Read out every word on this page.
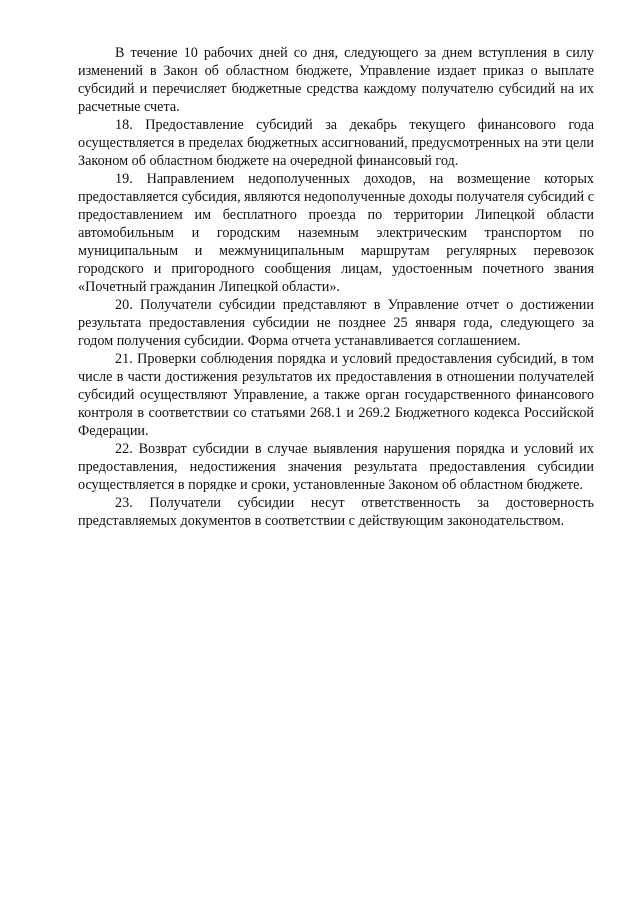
В течение 10 рабочих дней со дня, следующего за днем вступления в силу изменений в Закон об областном бюджете, Управление издает приказ о выплате субсидий и перечисляет бюджетные средства каждому получателю субсидий на их расчетные счета.

18. Предоставление субсидий за декабрь текущего финансового года осуществляется в пределах бюджетных ассигнований, предусмотренных на эти цели Законом об областном бюджете на очередной финансовый год.

19. Направлением недополученных доходов, на возмещение которых предоставляется субсидия, являются недополученные доходы получателя субсидий с предоставлением им бесплатного проезда по территории Липецкой области автомобильным и городским наземным электрическим транспортом по муниципальным и межмуниципальным маршрутам регулярных перевозок городского и пригородного сообщения лицам, удостоенным почетного звания «Почетный гражданин Липецкой области».

20. Получатели субсидии представляют в Управление отчет о достижении результата предоставления субсидии не позднее 25 января года, следующего за годом получения субсидии. Форма отчета устанавливается соглашением.

21. Проверки соблюдения порядка и условий предоставления субсидий, в том числе в части достижения результатов их предоставления в отношении получателей субсидий осуществляют Управление, а также орган государственного финансового контроля в соответствии со статьями 268.1 и 269.2 Бюджетного кодекса Российской Федерации.

22. Возврат субсидии в случае выявления нарушения порядка и условий их предоставления, недостижения значения результата предоставления субсидии осуществляется в порядке и сроки, установленные Законом об областном бюджете.

23. Получатели субсидии несут ответственность за достоверность представляемых документов в соответствии с действующим законодательством.
